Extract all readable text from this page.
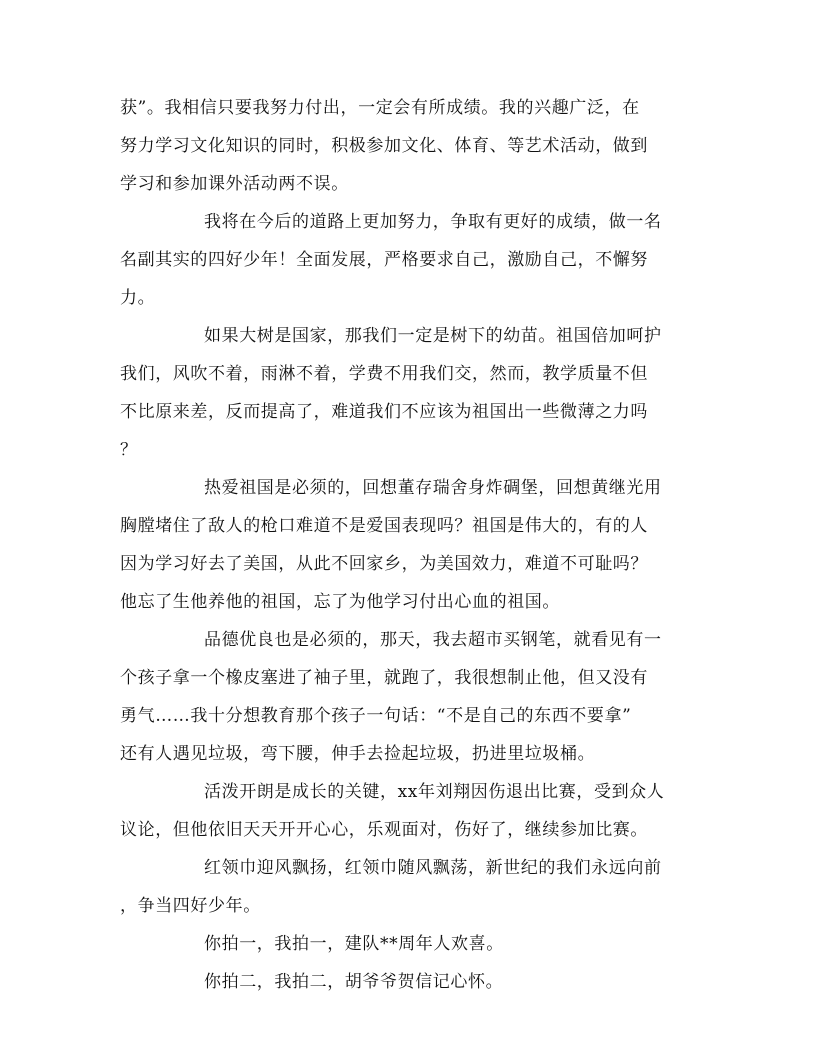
获”。我相信只要我努力付出，一定会有所成绩。我的兴趣广泛，在

努力学习文化知识的同时，积极参加文化、体育、等艺术活动，做到

学习和参加课外活动两不误。

我将在今后的道路上更加努力，争取有更好的成绩，做一名

名副其实的四好少年！全面发展，严格要求自己，激励自己，不懈努

力。

如果大树是国家，那我们一定是树下的幼苗。祖国倍加呵护

我们，风吹不着，雨淋不着，学费不用我们交，然而，教学质量不但

不比原来差，反而提高了，难道我们不应该为祖国出一些微薄之力吗

？

热爱祖国是必须的，回想董存瑞舍身炸碉堡，回想黄继光用

胸膛堵住了敌人的枪口难道不是爱国表现吗？祖国是伟大的，有的人

因为学习好去了美国，从此不回家乡，为美国效力，难道不可耻吗？

他忘了生他养他的祖国，忘了为他学习付出心血的祖国。

品德优良也是必须的，那天，我去超市买钢笔，就看见有一

个孩子拿一个橡皮塞进了袖子里，就跑了，我很想制止他，但又没有

勇气……我十分想教育那个孩子一句话：“不是自己的东西不要拿”

还有人遇见垃圾，弯下腰，伸手去捡起垃圾，扔进里垃圾桶。

活泼开朗是成长的关键，xx年刘翔因伤退出比赛，受到众人

议论，但他依旧天天开开心心，乐观面对，伤好了，继续参加比赛。

红领巾迎风飘扬，红领巾随风飘荡，新世纪的我们永远向前

，争当四好少年。

你拍一，我拍一，建队**周年人欢喜。

你拍二，我拍二，胡爷爷贺信记心怀。
